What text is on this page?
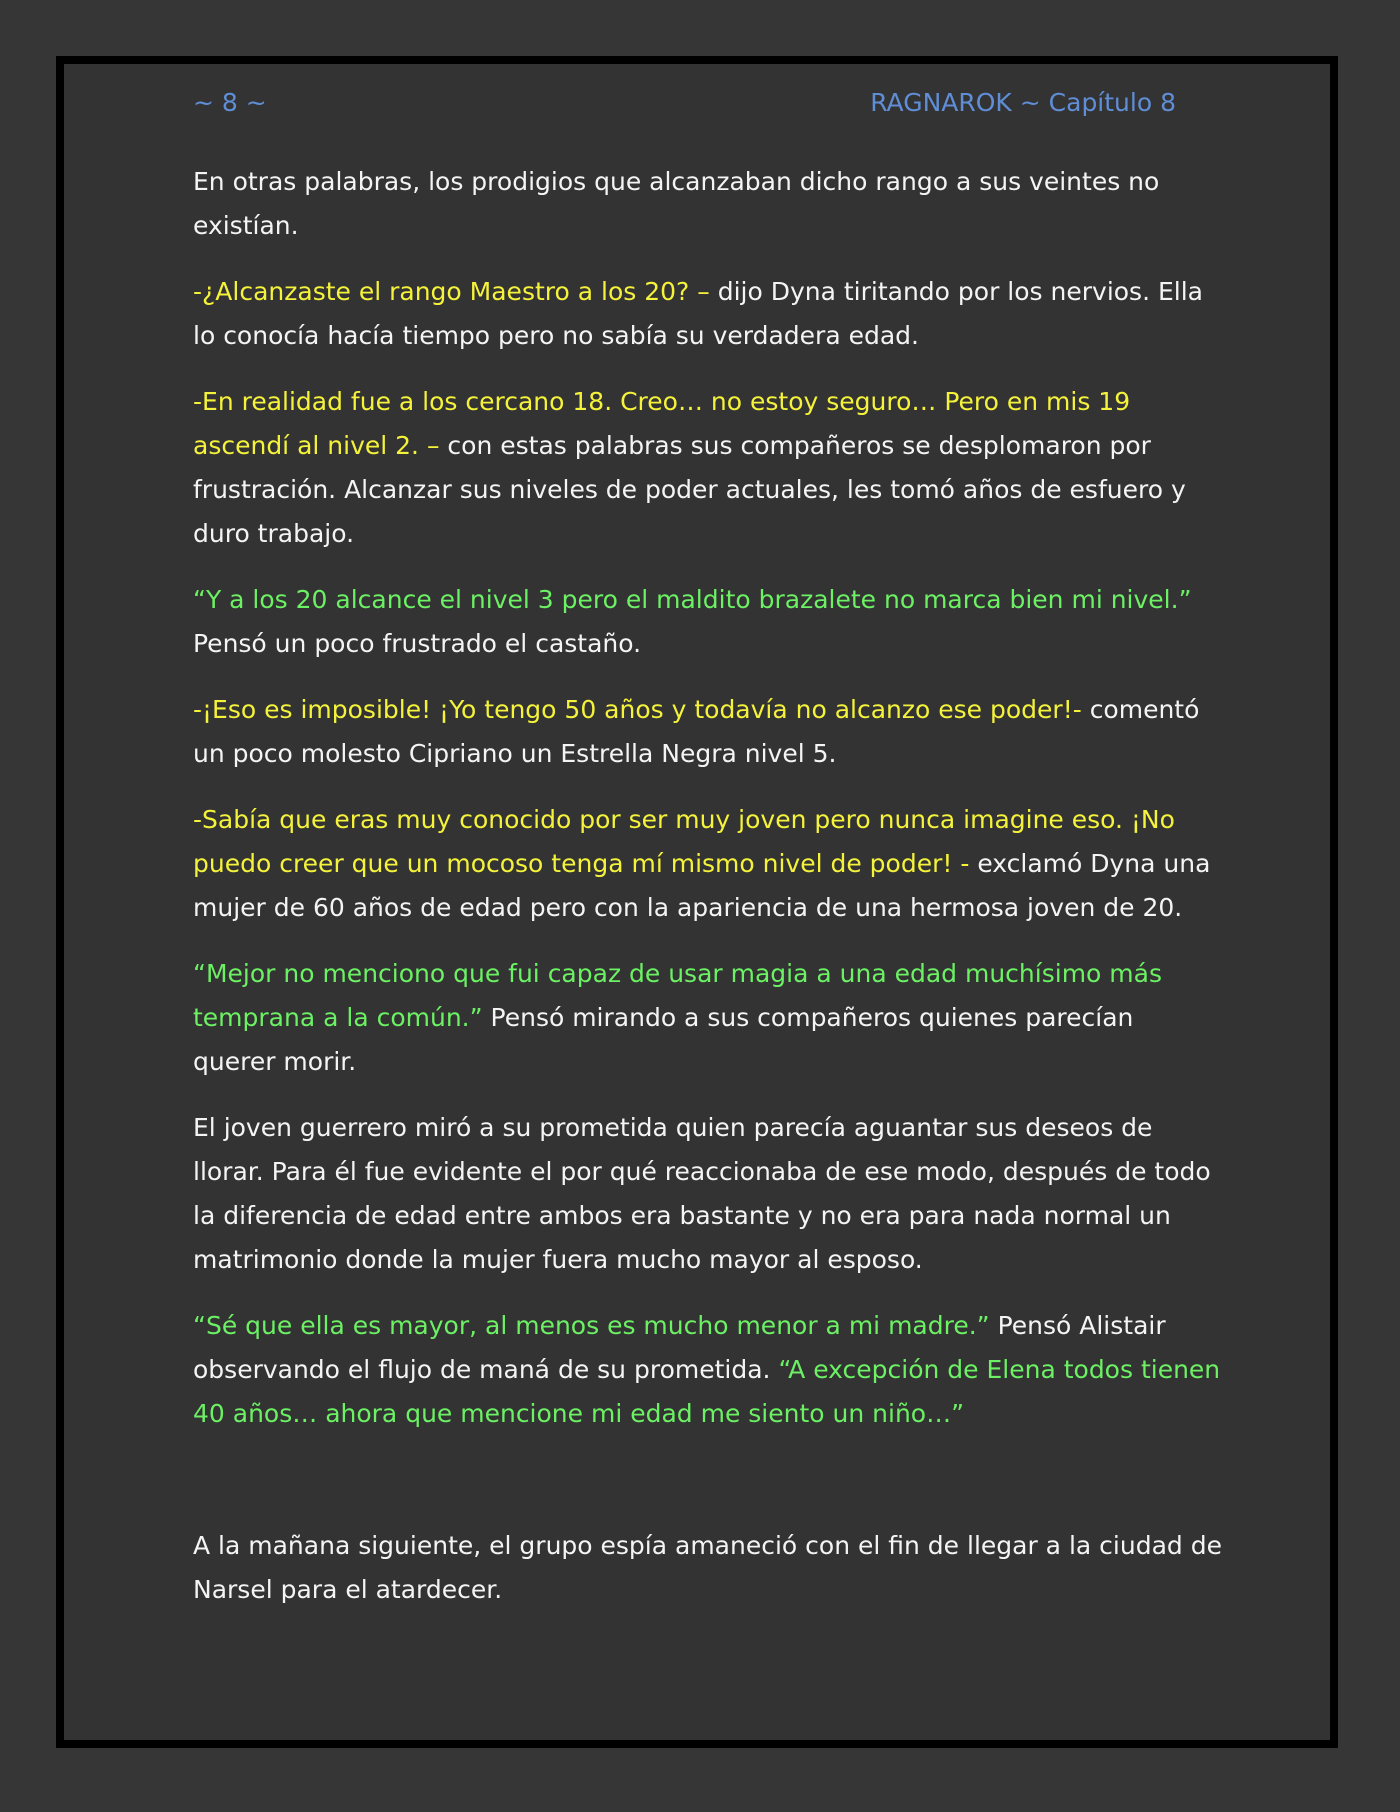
~ 8 ~	RAGNAROK ~ Capítulo 8

En otras palabras, los prodigios que alcanzaban dicho rango a sus veintes no existían.

-¿Alcanzaste el rango Maestro a los 20? – dijo Dyna tiritando por los nervios. Ella lo conocía hacía tiempo pero no sabía su verdadera edad.

-En realidad fue a los cercano 18. Creo… no estoy seguro… Pero en mis 19 ascendí al nivel 2. – con estas palabras sus compañeros se desplomaron por frustración. Alcanzar sus niveles de poder actuales, les tomó años de esfuero y duro trabajo.

“Y a los 20 alcance el nivel 3 pero el maldito brazalete no marca bien mi nivel.” Pensó un poco frustrado el castaño.

-¡Eso es imposible! ¡Yo tengo 50 años y todavía no alcanzo ese poder!- comentó un poco molesto Cipriano un Estrella Negra nivel 5.

-Sabía que eras muy conocido por ser muy joven pero nunca imagine eso. ¡No puedo creer que un mocoso tenga mí mismo nivel de poder! - exclamó Dyna una mujer de 60 años de edad pero con la apariencia de una hermosa joven de 20.

“Mejor no menciono que fui capaz de usar magia a una edad muchísimo más temprana a la común.” Pensó mirando a sus compañeros quienes parecían querer morir.

El joven guerrero miró a su prometida quien parecía aguantar sus deseos de llorar. Para él fue evidente el por qué reaccionaba de ese modo, después de todo la diferencia de edad entre ambos era bastante y no era para nada normal un matrimonio donde la mujer fuera mucho mayor al esposo.

“Sé que ella es mayor, al menos es mucho menor a mi madre.” Pensó Alistair observando el flujo de maná de su prometida. “A excepción de Elena todos tienen 40 años… ahora que mencione mi edad me siento un niño…”

A la mañana siguiente, el grupo espía amaneció con el fin de llegar a la ciudad de Narsel para el atardecer.
